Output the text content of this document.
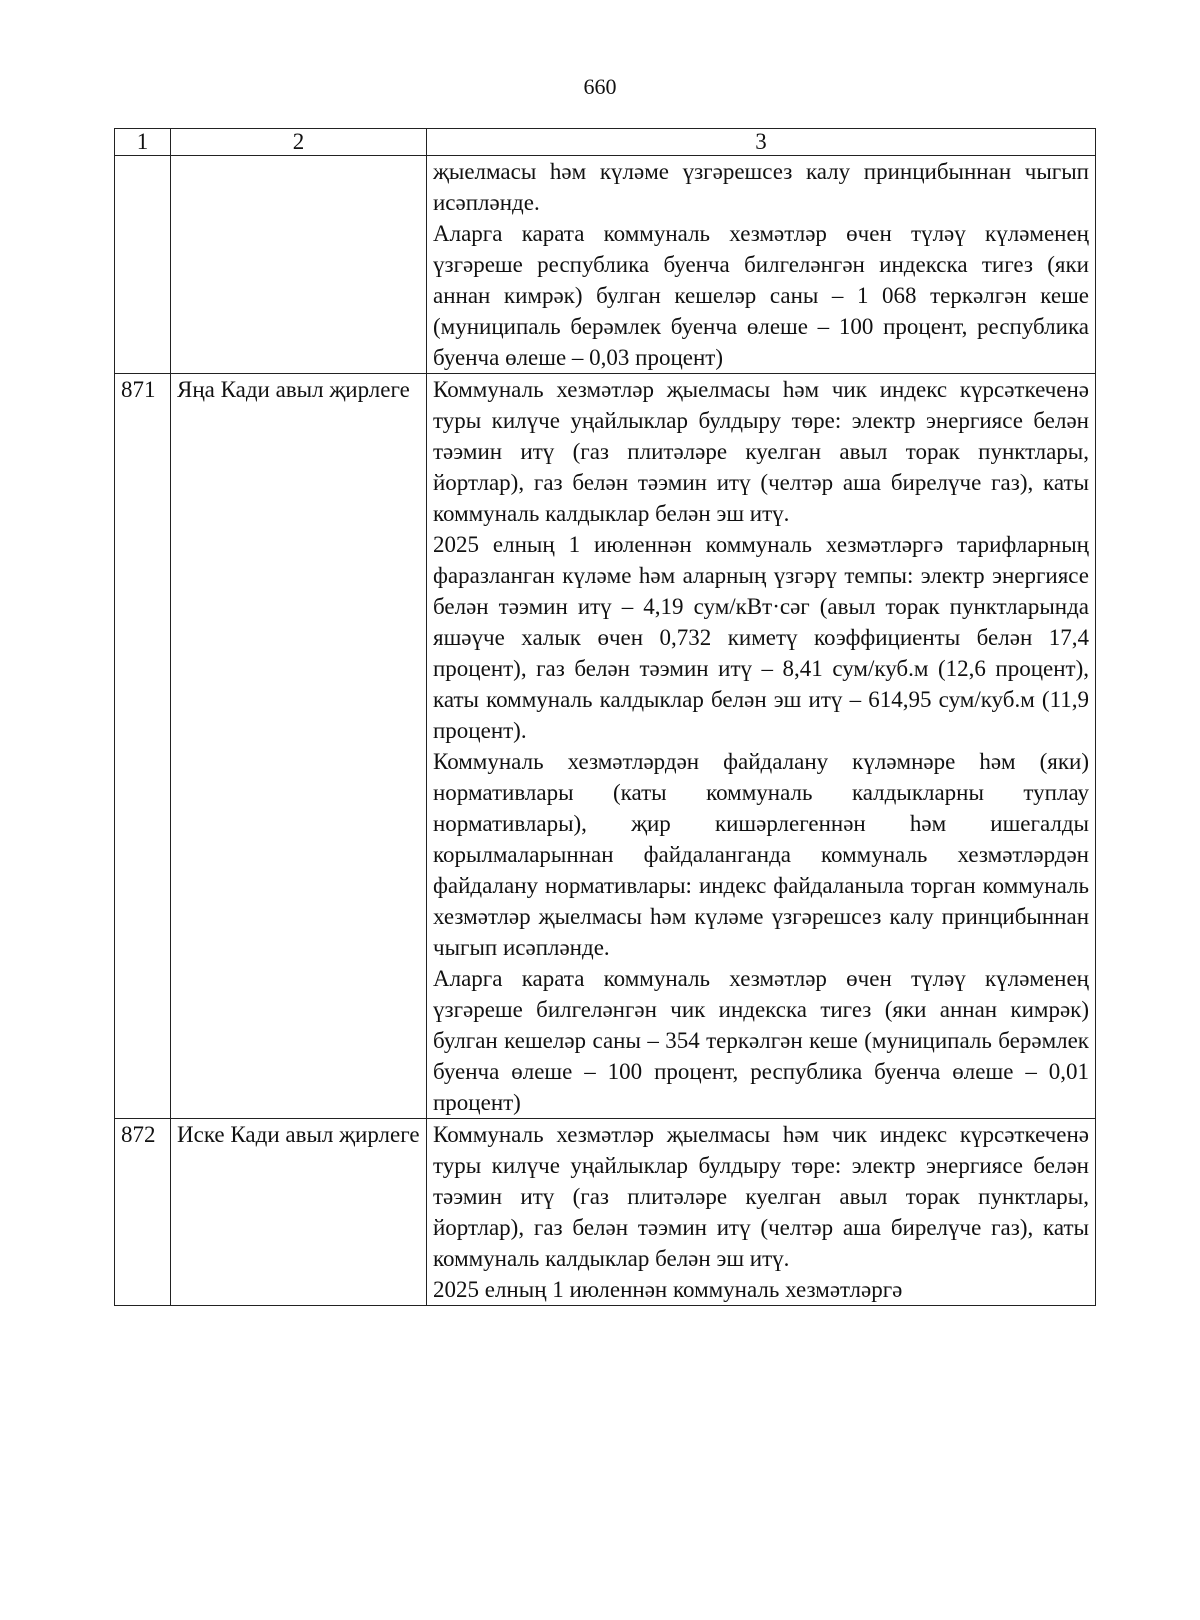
660
1	2	3

		җыелмасы һәм күләме үзгәрешсез калу принцибыннан чыгып исәпләнде.

Аларга карата коммуналь хезмәтләр өчен түләү күләменең үзгәреше республика буенча билгеләнгән индекска тигез (яки аннан кимрәк) булган кешеләр саны – 1 068 теркәлгән кеше (муниципаль берәмлек буенча өлеше – 100 процент, республика буенча өлеше – 0,03 процент)

871	Яңа Кади авыл җирлеге	Коммуналь хезмәтләр җыелмасы һәм чик индекс күрсәткеченә туры килүче уңайлыклар булдыру төре: электр энергиясе белән тәэмин итү (газ плитәләре куелган авыл торак пунктлары, йортлар), газ белән тәэмин итү (челтәр аша бирелүче газ), каты коммуналь калдыклар белән эш итү.

2025 елның 1 июленнән коммуналь хезмәтләргә тарифларның фаразланган күләме һәм аларның үзгәрү темпы: электр энергиясе белән тәэмин итү – 4,19 сум/кВт·сәг (авыл торак пунктларында яшәүче халык өчен 0,732 киметү коэффициенты белән 17,4 процент), газ белән тәэмин итү – 8,41 сум/куб.м (12,6 процент), каты коммуналь калдыклар белән эш итү – 614,95 сум/куб.м (11,9 процент).

Коммуналь хезмәтләрдән файдалану күләмнәре һәм (яки) нормативлары (каты коммуналь калдыкларны туплау нормативлары), җир кишәрлегеннән һәм ишегалды корылмаларыннан файдаланганда коммуналь хезмәтләрдән файдалану нормативлары: индекс файдаланыла торган коммуналь хезмәтләр җыелмасы һәм күләме үзгәрешсез калу принцибыннан чыгып исәпләнде.

Аларга карата коммуналь хезмәтләр өчен түләү күләменең үзгәреше билгеләнгән чик индекска тигез (яки аннан кимрәк) булган кешеләр саны – 354 теркәлгән кеше (муниципаль берәмлек буенча өлеше – 100 процент, республика буенча өлеше – 0,01 процент)

872	Иске Кади авыл җирлеге	Коммуналь хезмәтләр җыелмасы һәм чик индекс күрсәткеченә туры килүче уңайлыклар булдыру төре: электр энергиясе белән тәэмин итү (газ плитәләре куелган авыл торак пунктлары, йортлар), газ белән тәэмин итү (челтәр аша бирелүче газ), каты коммуналь калдыклар белән эш итү.

2025 елның 1 июленнән коммуналь хезмәтләргә
